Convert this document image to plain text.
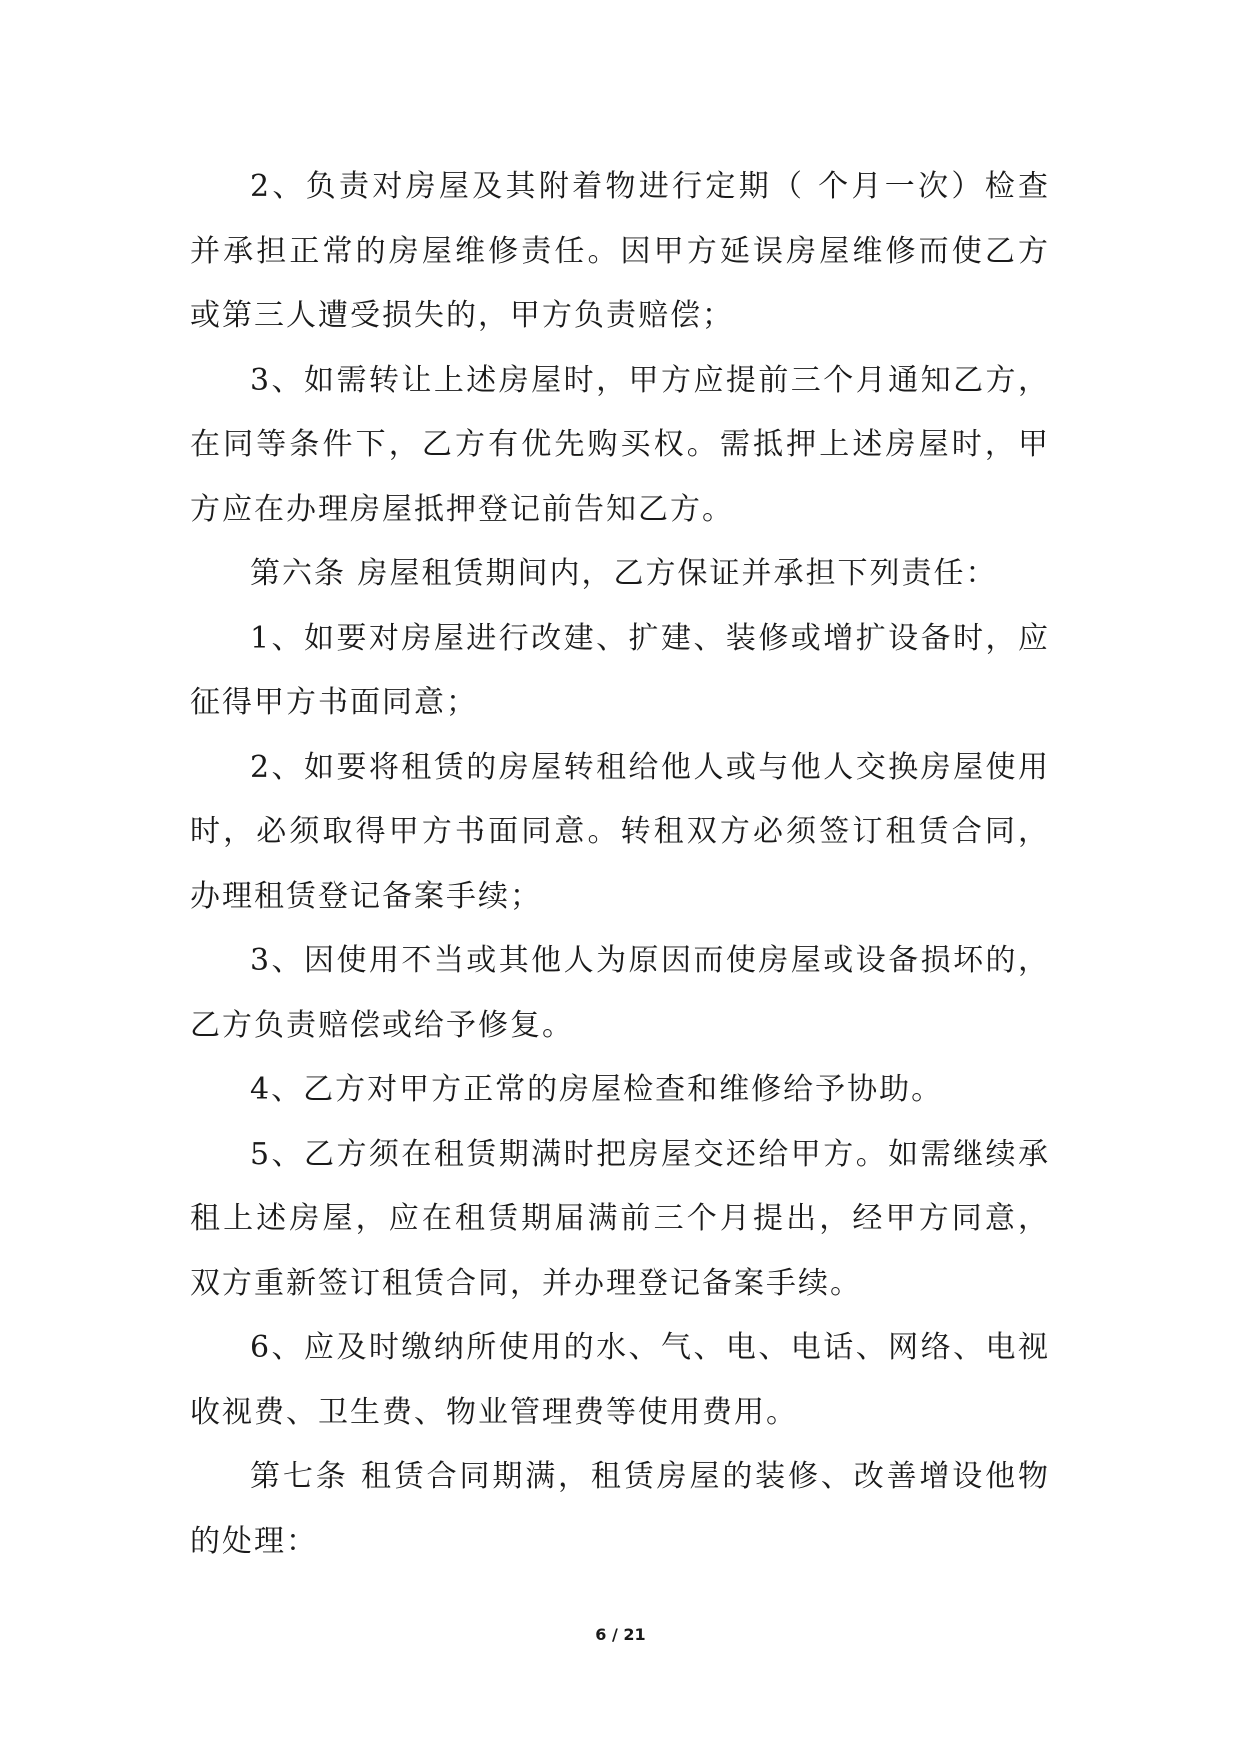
2、负责对房屋及其附着物进行定期（ 个月一次）检查并承担正常的房屋维修责任。因甲方延误房屋维修而使乙方或第三人遭受损失的，甲方负责赔偿；

3、如需转让上述房屋时，甲方应提前三个月通知乙方，在同等条件下，乙方有优先购买权。需抵押上述房屋时，甲方应在办理房屋抵押登记前告知乙方。

第六条 房屋租赁期间内，乙方保证并承担下列责任：

1、如要对房屋进行改建、扩建、装修或增扩设备时，应征得甲方书面同意；

2、如要将租赁的房屋转租给他人或与他人交换房屋使用时，必须取得甲方书面同意。转租双方必须签订租赁合同，办理租赁登记备案手续；

3、因使用不当或其他人为原因而使房屋或设备损坏的，乙方负责赔偿或给予修复。

4、乙方对甲方正常的房屋检查和维修给予协助。

5、乙方须在租赁期满时把房屋交还给甲方。如需继续承租上述房屋，应在租赁期届满前三个月提出，经甲方同意，双方重新签订租赁合同，并办理登记备案手续。

6、应及时缴纳所使用的水、气、电、电话、网络、电视收视费、卫生费、物业管理费等使用费用。

第七条 租赁合同期满，租赁房屋的装修、改善增设他物的处理：

6 / 21
